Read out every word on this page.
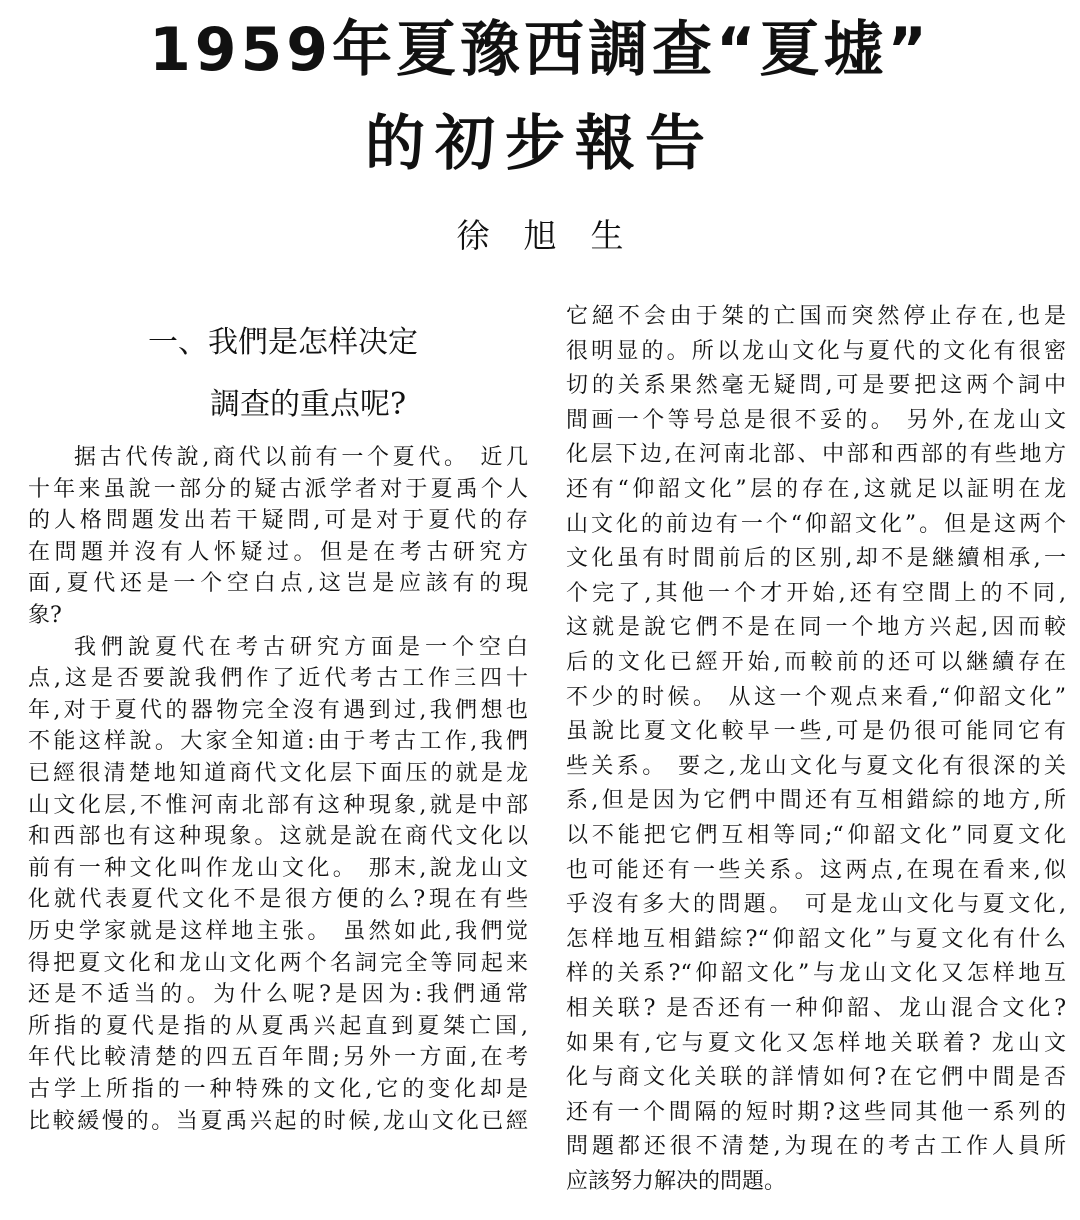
1959年夏豫西調查“夏墟”
的初步報告
徐旭生
一、我們是怎样决定
調查的重点呢?
据古代传說,商代以前有一个夏代。 近几
十年来虽說一部分的疑古派学者对于夏禹个人
的人格問題发出若干疑問,可是对于夏代的存
在問題并沒有人怀疑过。但是在考古研究方
面,夏代还是一个空白点,这岂是应該有的現
象?
我們說夏代在考古研究方面是一个空白
点,这是否要說我們作了近代考古工作三四十
年,对于夏代的器物完全沒有遇到过,我們想也
不能这样說。大家全知道:由于考古工作,我們
已經很清楚地知道商代文化层下面压的就是龙
山文化层,不惟河南北部有这种現象,就是中部
和西部也有这种現象。这就是說在商代文化以
前有一种文化叫作龙山文化。 那末,說龙山文
化就代表夏代文化不是很方便的么?現在有些
历史学家就是这样地主张。 虽然如此,我們觉
得把夏文化和龙山文化两个名詞完全等同起来
还是不适当的。为什么呢?是因为:我們通常
所指的夏代是指的从夏禹兴起直到夏桀亡国,
年代比較清楚的四五百年間;另外一方面,在考
古学上所指的一种特殊的文化,它的变化却是
比較緩慢的。当夏禹兴起的时候,龙山文化已經
它絕不会由于桀的亡国而突然停止存在,也是
很明显的。所以龙山文化与夏代的文化有很密
切的关系果然毫无疑問,可是要把这两个詞中
間画一个等号总是很不妥的。 另外,在龙山文
化层下边,在河南北部、中部和西部的有些地方
还有“仰韶文化”层的存在,这就足以証明在龙
山文化的前边有一个“仰韶文化”。但是这两个
文化虽有时間前后的区别,却不是継續相承,一
个完了,其他一个才开始,还有空間上的不同,
这就是說它們不是在同一个地方兴起,因而較
后的文化已經开始,而較前的还可以継續存在
不少的时候。 从这一个观点来看,“仰韶文化”
虽說比夏文化較早一些,可是仍很可能同它有
些关系。 要之,龙山文化与夏文化有很深的关
系,但是因为它們中間还有互相錯綜的地方,所
以不能把它們互相等同;“仰韶文化”同夏文化
也可能还有一些关系。这两点,在現在看来,似
乎沒有多大的問題。 可是龙山文化与夏文化,
怎样地互相錯綜?“仰韶文化”与夏文化有什么
样的关系?“仰韶文化”与龙山文化又怎样地互
相关联? 是否还有一种仰韶、龙山混合文化?
如果有,它与夏文化又怎样地关联着? 龙山文
化与商文化关联的詳情如何?在它們中間是否
还有一个間隔的短时期?这些同其他一系列的
問題都还很不清楚,为現在的考古工作人員所
应該努力解决的問題。
